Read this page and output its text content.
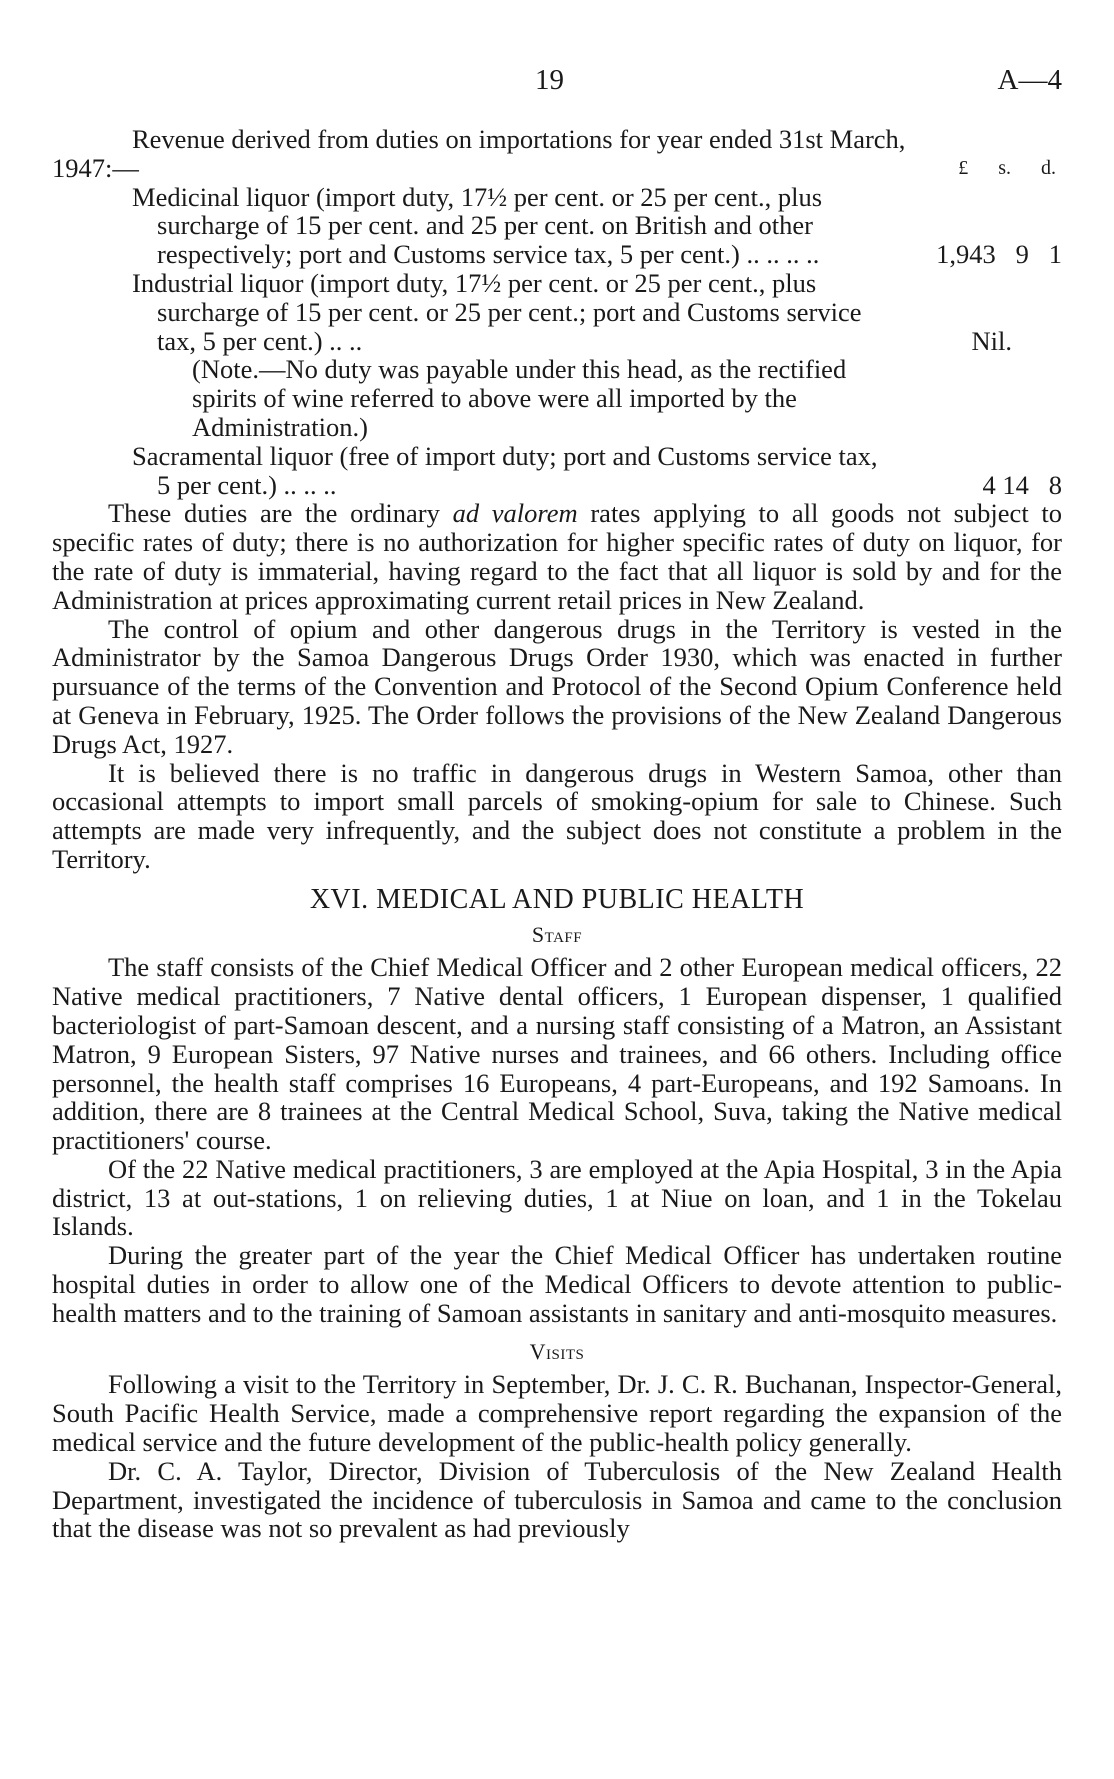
19	A—4
Revenue derived from duties on importations for year ended 31st March,
1947:—	£ s. d.
Medicinal liquor (import duty, 17½ per cent. or 25 per cent., plus surcharge of 15 per cent. and 25 per cent. on British and other respectively; port and Customs service tax, 5 per cent.) .. .. .. ..	1,943   9   1
Industrial liquor (import duty, 17½ per cent. or 25 per cent., plus surcharge of 15 per cent. or 25 per cent.; port and Customs service tax, 5 per cent.) .. ..	Nil.
(Note.—No duty was payable under this head, as the rectified spirits of wine referred to above were all imported by the Administration.)
Sacramental liquor (free of import duty; port and Customs service tax, 5 per cent.) .. .. ..	4 14   8

These duties are the ordinary ad valorem rates applying to all goods not subject to specific rates of duty; there is no authorization for higher specific rates of duty on liquor, for the rate of duty is immaterial, having regard to the fact that all liquor is sold by and for the Administration at prices approximating current retail prices in New Zealand.

The control of opium and other dangerous drugs in the Territory is vested in the Administrator by the Samoa Dangerous Drugs Order 1930, which was enacted in further pursuance of the terms of the Convention and Protocol of the Second Opium Conference held at Geneva in February, 1925. The Order follows the provisions of the New Zealand Dangerous Drugs Act, 1927.

It is believed there is no traffic in dangerous drugs in Western Samoa, other than occasional attempts to import small parcels of smoking-opium for sale to Chinese. Such attempts are made very infrequently, and the subject does not constitute a problem in the Territory.

XVI. MEDICAL AND PUBLIC HEALTH
Staff

The staff consists of the Chief Medical Officer and 2 other European medical officers, 22 Native medical practitioners, 7 Native dental officers, 1 European dispenser, 1 qualified bacteriologist of part-Samoan descent, and a nursing staff consisting of a Matron, an Assistant Matron, 9 European Sisters, 97 Native nurses and trainees, and 66 others. Including office personnel, the health staff comprises 16 Europeans, 4 part-Europeans, and 192 Samoans. In addition, there are 8 trainees at the Central Medical School, Suva, taking the Native medical practitioners' course.

Of the 22 Native medical practitioners, 3 are employed at the Apia Hospital, 3 in the Apia district, 13 at out-stations, 1 on relieving duties, 1 at Niue on loan, and 1 in the Tokelau Islands.

During the greater part of the year the Chief Medical Officer has undertaken routine hospital duties in order to allow one of the Medical Officers to devote attention to public-health matters and to the training of Samoan assistants in sanitary and anti-mosquito measures.

Visits

Following a visit to the Territory in September, Dr. J. C. R. Buchanan, Inspector-General, South Pacific Health Service, made a comprehensive report regarding the expansion of the medical service and the future development of the public-health policy generally.

Dr. C. A. Taylor, Director, Division of Tuberculosis of the New Zealand Health Department, investigated the incidence of tuberculosis in Samoa and came to the conclusion that the disease was not so prevalent as had previously
